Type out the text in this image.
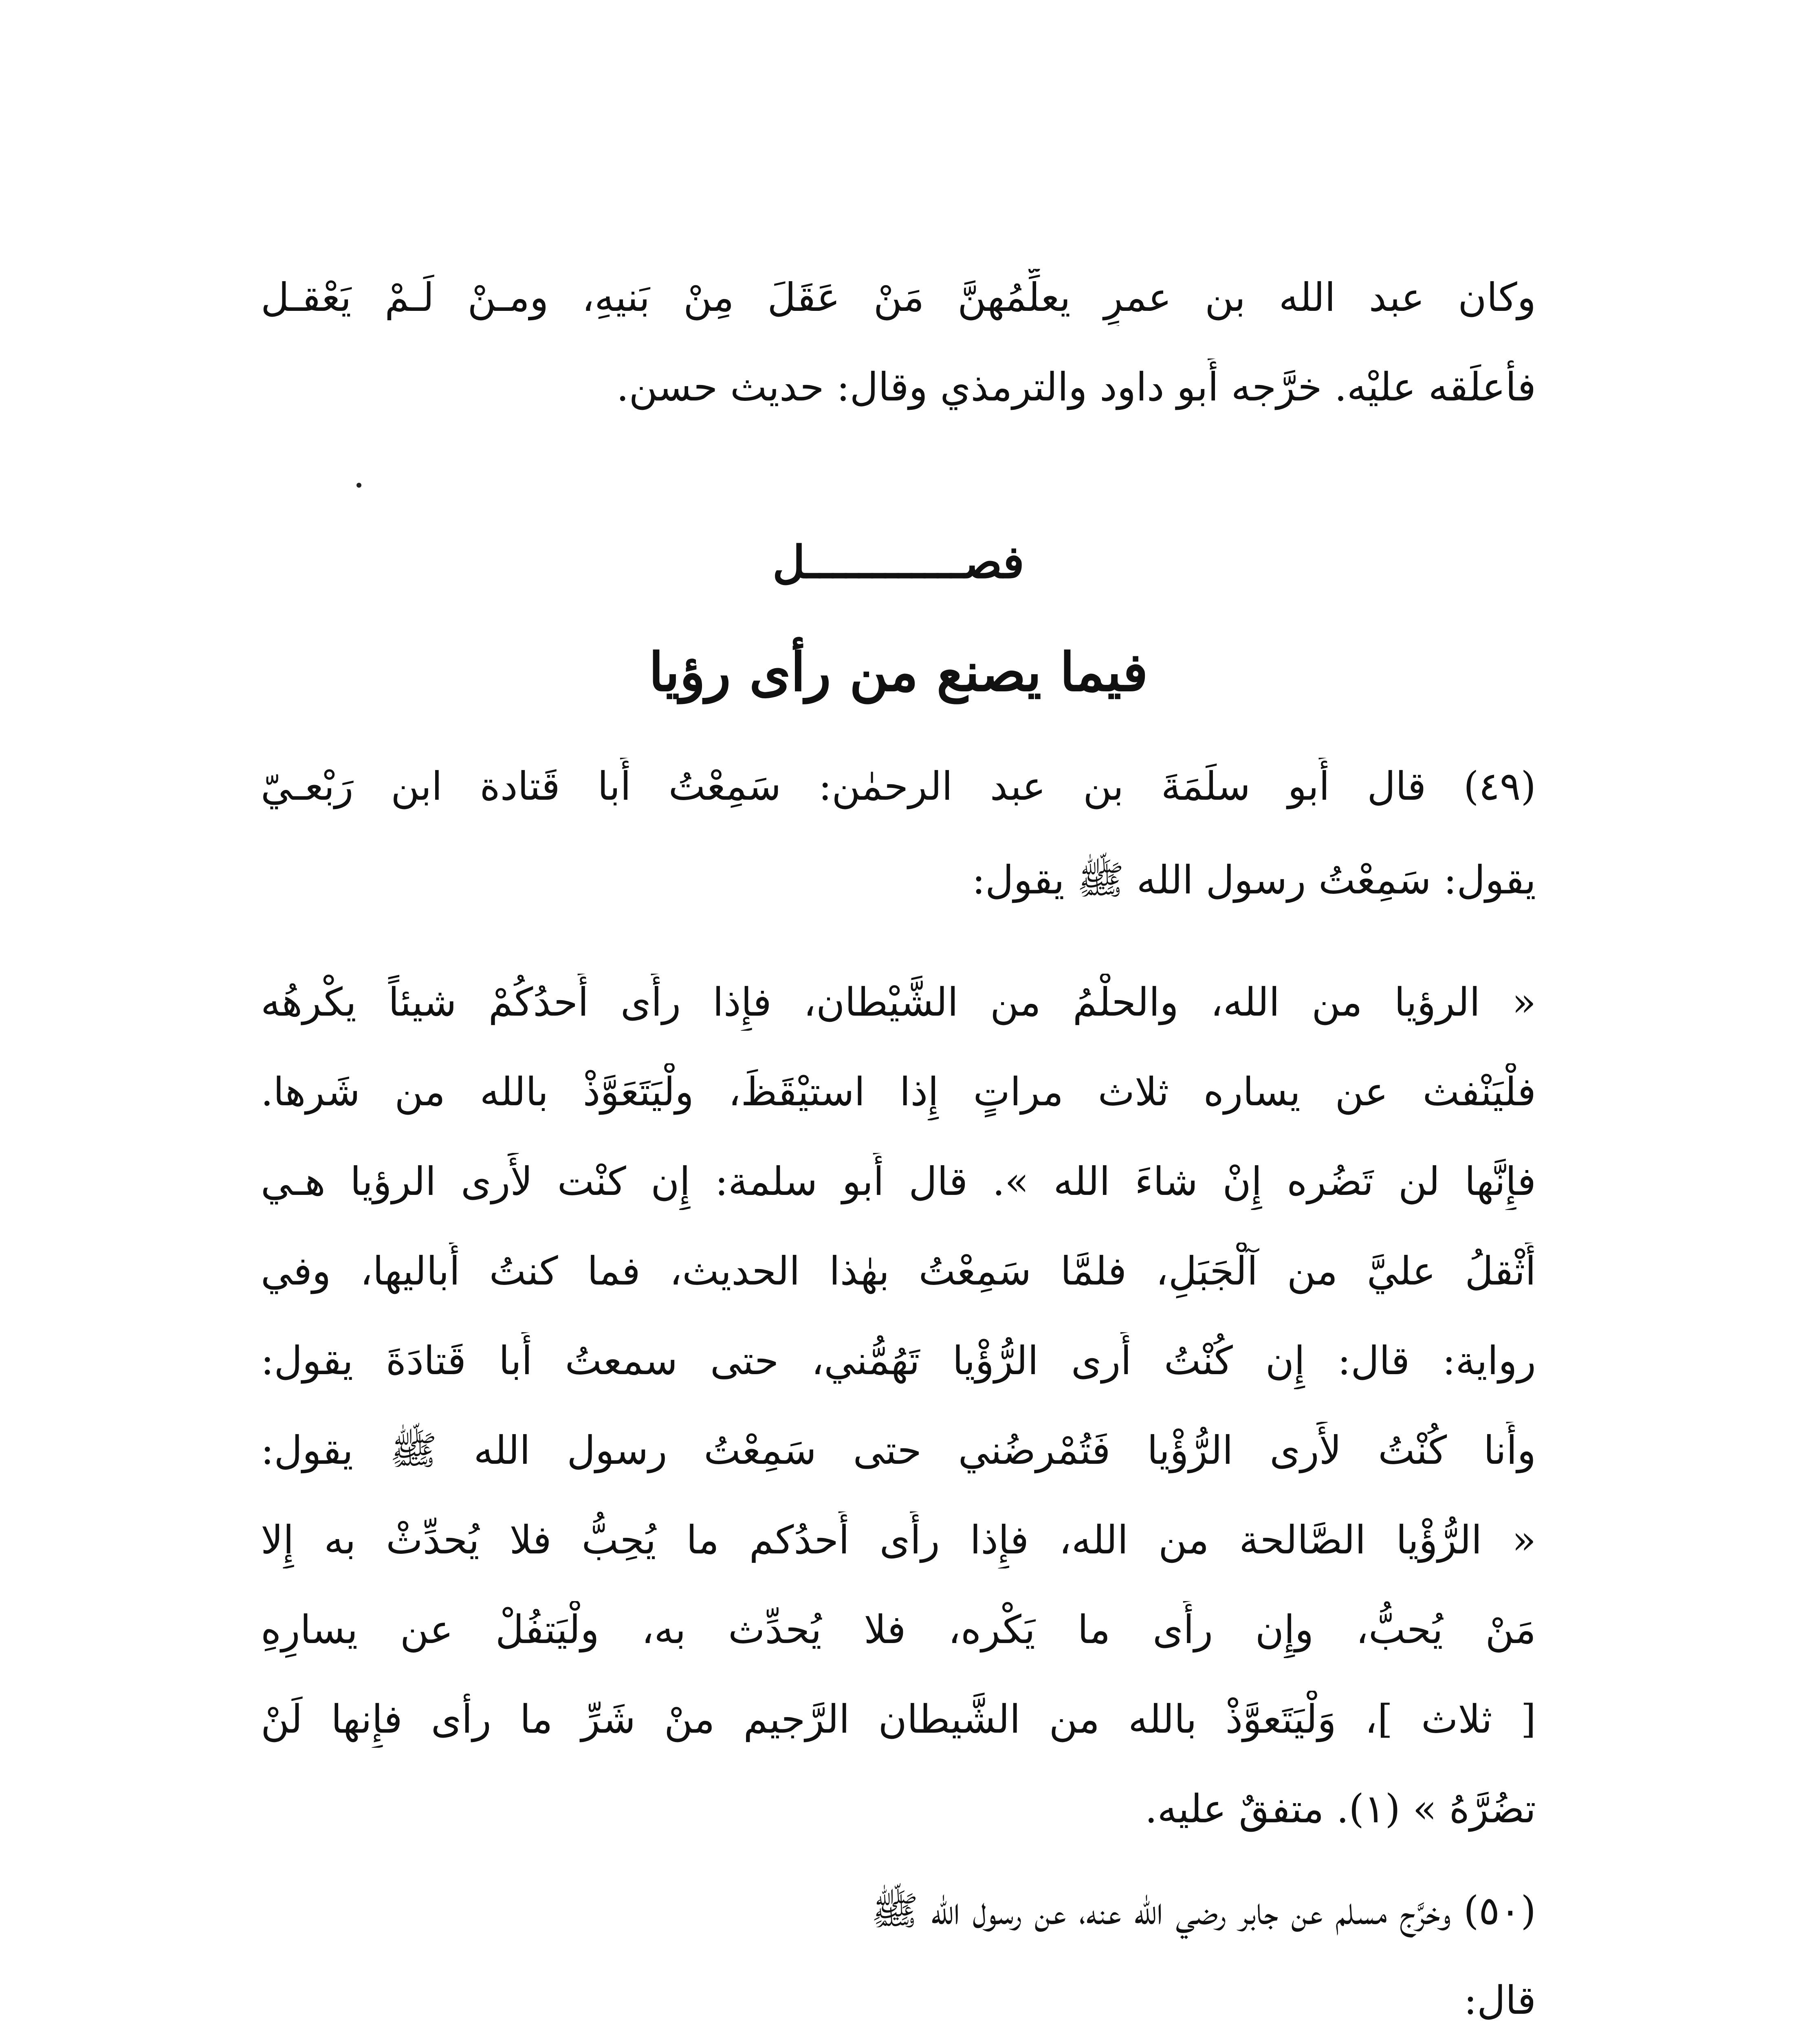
وكان عبد الله بن عمرٍ يعلِّمُهنَّ مَنْ عَقَلَ مِنْ بَنيهِ، ومـنْ لَـمْ يَعْقـل
فأَعلَقه عليْه. خرَّجه أَبو داود والترمذي وقال: حديث حسن.
فصــــــــــــل
فيما يصنع من رأى رؤيا
(٤٩) قال أَبو سلَمَةَ بن عبد الرحمٰن: سَمِعْتُ أَبا قَتادة ابن رَبْعـيّ
يقول: سَمِعْتُ رسول الله ﷺ يقول:
« الرؤيا من الله، والحلْمُ من الشَّيْطان، فإِذا رأَى أَحدُكُمْ شيئاً يكْرهُه
فلْيَنْفث عن يساره ثلاث مراتٍ إِذا استيْقَظَ، ولْيَتَعَوَّذْ بالله من شَرها.
فإِنَّها لن تَضُره إِنْ شاءَ الله ». قال أَبو سلمة: إِن كنْت لأَرى الرؤيا هـي
أَثْقلُ عليَّ من آلْجَبَلِ، فلمَّا سَمِعْتُ بهٰذا الحديث، فما كنتُ أُباليها، وفي
رواية: قال: إِن كُنْتُ أَرى الرُّؤْيا تَهُمُّني، حتى سمعتُ أَبا قَتادَةَ يقول:
وأَنا كُنْتُ لأَرى الرُّؤْيا فَتُمْرضُني حتى سَمِعْتُ رسول الله ﷺ يقول:
« الرُّؤْيا الصَّالحة من الله، فإِذا رأَى أَحدُكم ما يُحِبُّ فلا يُحدِّثْ به إِلا
مَنْ يُحبُّ، وإِن رأَى ما يَكْره، فلا يُحدِّث به، ولْيَتفُلْ عن يسارِهِ
[ ثلاث ]، وَلْيَتَعوَّذْ بالله من الشَّيطان الرَّجيم منْ شَرِّ ما رأى فإِنها لَنْ
تضُرَّهُ » (١). متفقٌ عليه.
(٥٠) وخرَّج مسلم عن جابر رضي الله عنه، عن رسول الله ﷺ
قال:
